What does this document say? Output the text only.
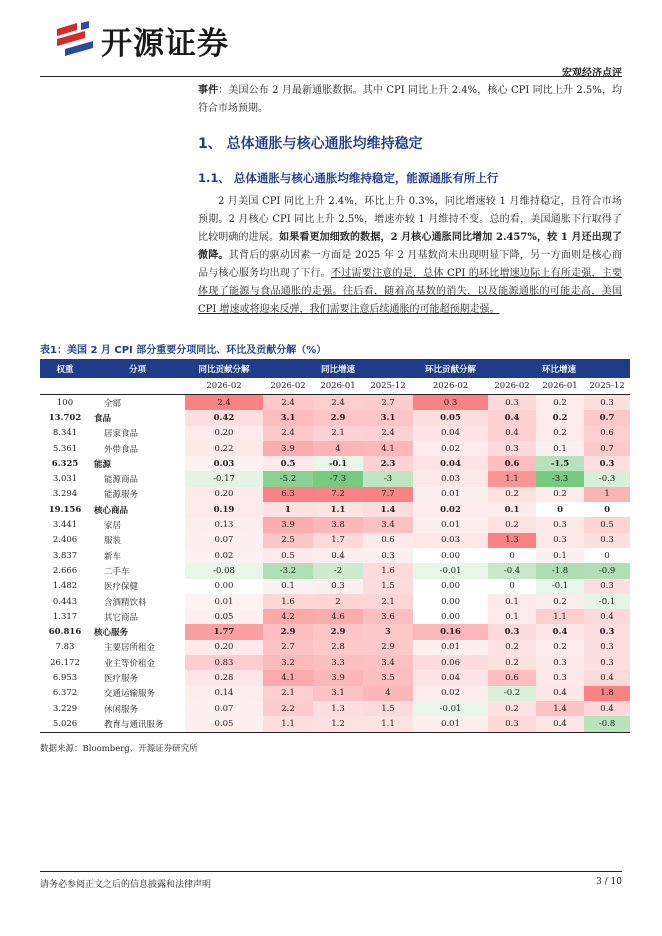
开源证券
宏观经济点评
事件：美国公布 2 月最新通胀数据。其中 CPI 同比上升 2.4%，核心 CPI 同比上升 2.5%，均符合市场预期。
1、 总体通胀与核心通胀均维持稳定
1.1、 总体通胀与核心通胀均维持稳定，能源通胀有所上行
2 月美国 CPI 同比上升 2.4%，环比上升 0.3%，同比增速较 1 月维持稳定，且符合市场预期。2 月核心 CPI 同比上升 2.5%，增速亦较 1 月维持不变。总的看，美国通胀下行取得了比较明确的进展。如果看更加细致的数据，2 月核心通胀同比增加 2.457%，较 1 月还出现了微降。其背后的驱动因素一方面是 2025 年 2 月基数尚未出现明显下降，另一方面则是核心商品与核心服务均出现了下行。不过需要注意的是，总体 CPI 的环比增速边际上有所走强，主要体现了能源与食品通胀的走强。往后看，随着高基数的消失，以及能源通胀的可能走高，美国 CPI 增速或将迎来反弹，我们需要注意后续通胀的可能超预期走强。
表1：美国 2 月 CPI 部分重要分项同比、环比及贡献分解（%）
权重	分项	同比贡献分解	同比增速			环比贡献分解	环比增速		
		2026-02	2026-02	2026-01	2025-12	2026-02	2026-02	2026-01	2025-12
100	全部	2.4	2.4	2.4	2.7	0.3	0.3	0.2	0.3
13.702	食品	0.42	3.1	2.9	3.1	0.05	0.4	0.2	0.7
8.341	居家食品	0.20	2.4	2.1	2.4	0.04	0.4	0.2	0.6
5.361	外带食品	0.22	3.9	4	4.1	0.02	0.3	0.1	0.7
6.325	能源	0.03	0.5	-0.1	2.3	0.04	0.6	-1.5	0.3
3.031	能源商品	-0.17	-5.2	-7.3	-3	0.03	1.1	-3.3	-0.3
3.294	能源服务	0.20	6.3	7.2	7.7	0.01	0.2	0.2	1
19.156	核心商品	0.19	1	1.1	1.4	0.02	0.1	0	0
3.441	家居	0.13	3.9	3.8	3.4	0.01	0.2	0.3	0.5
2.406	服装	0.07	2.5	1.7	0.6	0.03	1.3	0.3	0.3
3.837	新车	0.02	0.5	0.4	0.3	0.00	0	0.1	0
2.666	二手车	-0.08	-3.2	-2	1.6	-0.01	-0.4	-1.8	-0.9
1.482	医疗保健	0.00	0.1	0.3	1.5	0.00	0	-0.1	0.3
0.443	含酒精饮料	0.01	1.6	2	2.1	0.00	0.1	0.2	-0.1
1.317	其它商品	0.05	4.2	4.6	3.6	0.00	0.1	1.1	0.4
60.816	核心服务	1.77	2.9	2.9	3	0.16	0.3	0.4	0.3
7.83	主要居所租金	0.20	2.7	2.8	2.9	0.01	0.2	0.2	0.3
26.172	业主等价租金	0.83	3.2	3.3	3.4	0.06	0.2	0.3	0.3
6.953	医疗服务	0.28	4.1	3.9	3.5	0.04	0.6	0.3	0.4
6.372	交通运输服务	0.14	2.1	3.1	4	0.02	-0.2	0.4	1.8
3.229	休闲服务	0.07	2.2	1.3	1.5	-0.01	0.2	1.4	0.4
5.026	教育与通讯服务	0.05	1.1	1.2	1.1	0.01	0.3	0.4	-0.8
数据来源：Bloomberg、开源证券研究所
请务必参阅正文之后的信息披露和法律声明	3 / 10
